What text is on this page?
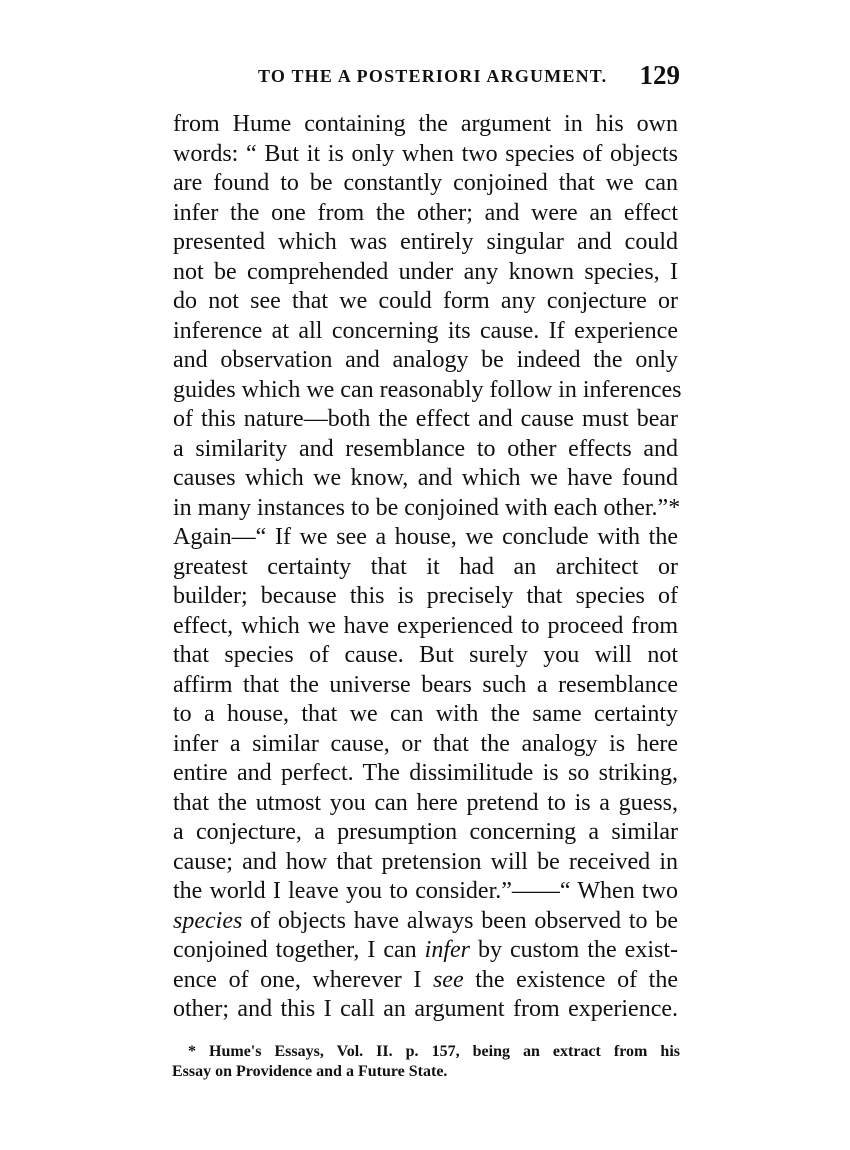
TO THE A POSTERIORI ARGUMENT. 129
from Hume containing the argument in his own
words: “ But it is only when two species of objects
are found to be constantly conjoined that we can
infer the one from the other; and were an effect
presented which was entirely singular and could
not be comprehended under any known species, I
do not see that we could form any conjecture or
inference at all concerning its cause. If experience
and observation and analogy be indeed the only
guides which we can reasonably follow in inferences
of this nature—both the effect and cause must bear
a similarity and resemblance to other effects and
causes which we know, and which we have found
in many instances to be conjoined with each other.”*
Again—“ If we see a house, we conclude with the
greatest certainty that it had an architect or
builder; because this is precisely that species of
effect, which we have experienced to proceed from
that species of cause. But surely you will not
affirm that the universe bears such a resemblance
to a house, that we can with the same certainty
infer a similar cause, or that the analogy is here
entire and perfect. The dissimilitude is so striking,
that the utmost you can here pretend to is a guess,
a conjecture, a presumption concerning a similar
cause; and how that pretension will be received in
the world I leave you to consider.”——“ When two
species of objects have always been observed to be
conjoined together, I can infer by custom the exist-
ence of one, wherever I see the existence of the
other; and this I call an argument from experience.
* Hume's Essays, Vol. II. p. 157, being an extract from his
Essay on Providence and a Future State.
